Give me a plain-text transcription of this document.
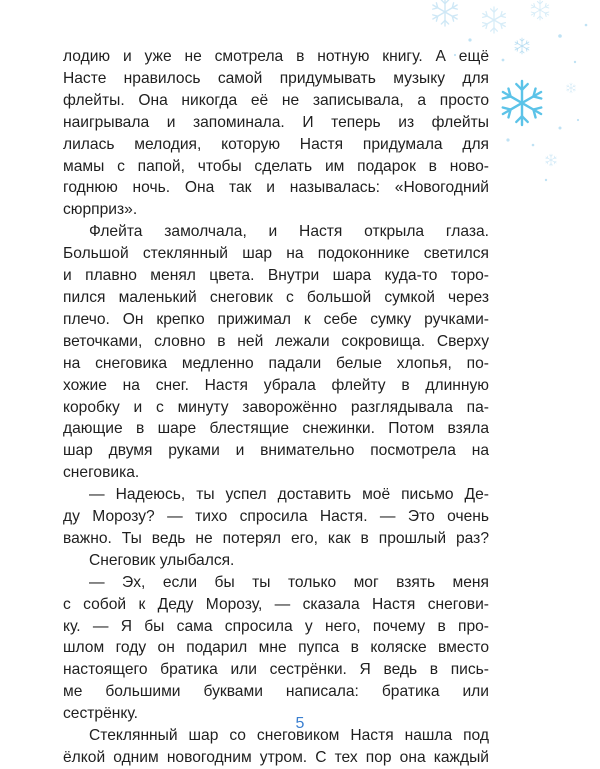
лодию и уже не смотрела в нотную книгу. А ещё
Насте нравилось самой придумывать музыку для
флейты. Она никогда её не записывала, а просто
наигрывала и запоминала. И теперь из флейты
лилась мелодия, которую Настя придумала для
мамы с папой, чтобы сделать им подарок в ново-
годнюю ночь. Она так и называлась: «Новогодний
сюрприз».

Флейта замолчала, и Настя открыла глаза.
Большой стеклянный шар на подоконнике светился
и плавно менял цвета. Внутри шара куда-то торо-
пился маленький снеговик с большой сумкой через
плечо. Он крепко прижимал к себе сумку ручками-
веточками, словно в ней лежали сокровища. Сверху
на снеговика медленно падали белые хлопья, по-
хожие на снег. Настя убрала флейту в длинную
коробку и с минуту заворожённо разглядывала па-
дающие в шаре блестящие снежинки. Потом взяла
шар двумя руками и внимательно посмотрела на
снеговика.

— Надеюсь, ты успел доставить моё письмо Де-
ду Морозу? — тихо спросила Настя. — Это очень
важно. Ты ведь не потерял его, как в прошлый раз?

Снеговик улыбался.

— Эх, если бы ты только мог взять меня
с собой к Деду Морозу, — сказала Настя снегови-
ку. — Я бы сама спросила у него, почему в про-
шлом году он подарил мне пупса в коляске вместо
настоящего братика или сестрёнки. Я ведь в пись-
ме большими буквами написала: братика или
сестрёнку.

Стеклянный шар со снеговиком Настя нашла под
ёлкой одним новогодним утром. С тех пор она каждый

5
